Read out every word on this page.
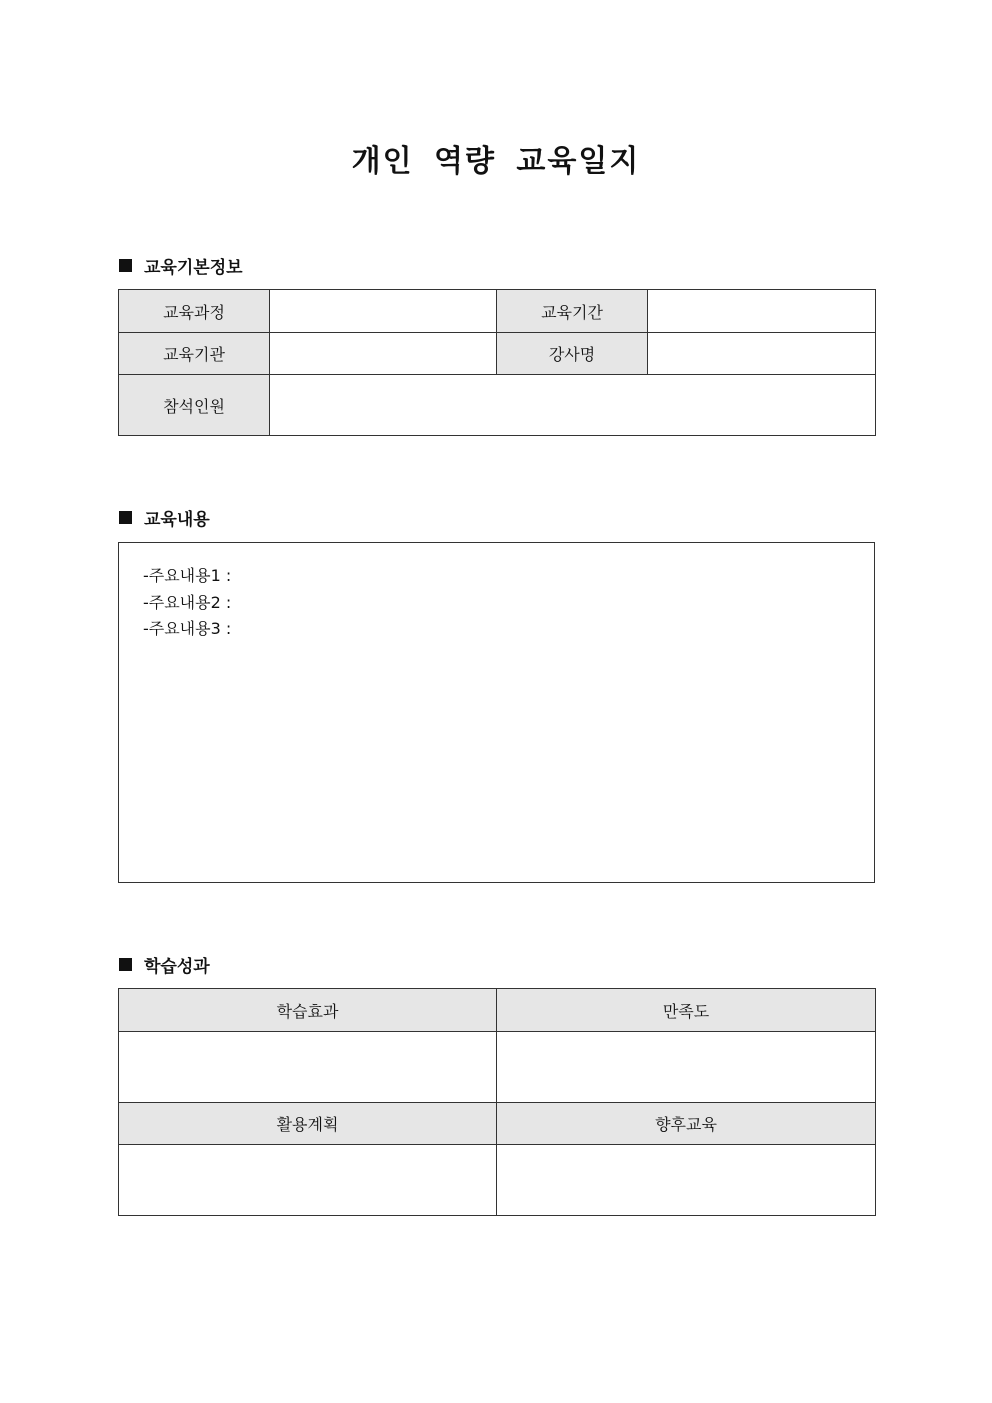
개인 역량 교육일지
교육기본정보
교육과정		교육기간	
교육기관		강사명	
참석인원			
교육내용
-주요내용1 :
-주요내용2 :
-주요내용3 :
학습성과
학습효과	만족도

활용계획	향후교육
